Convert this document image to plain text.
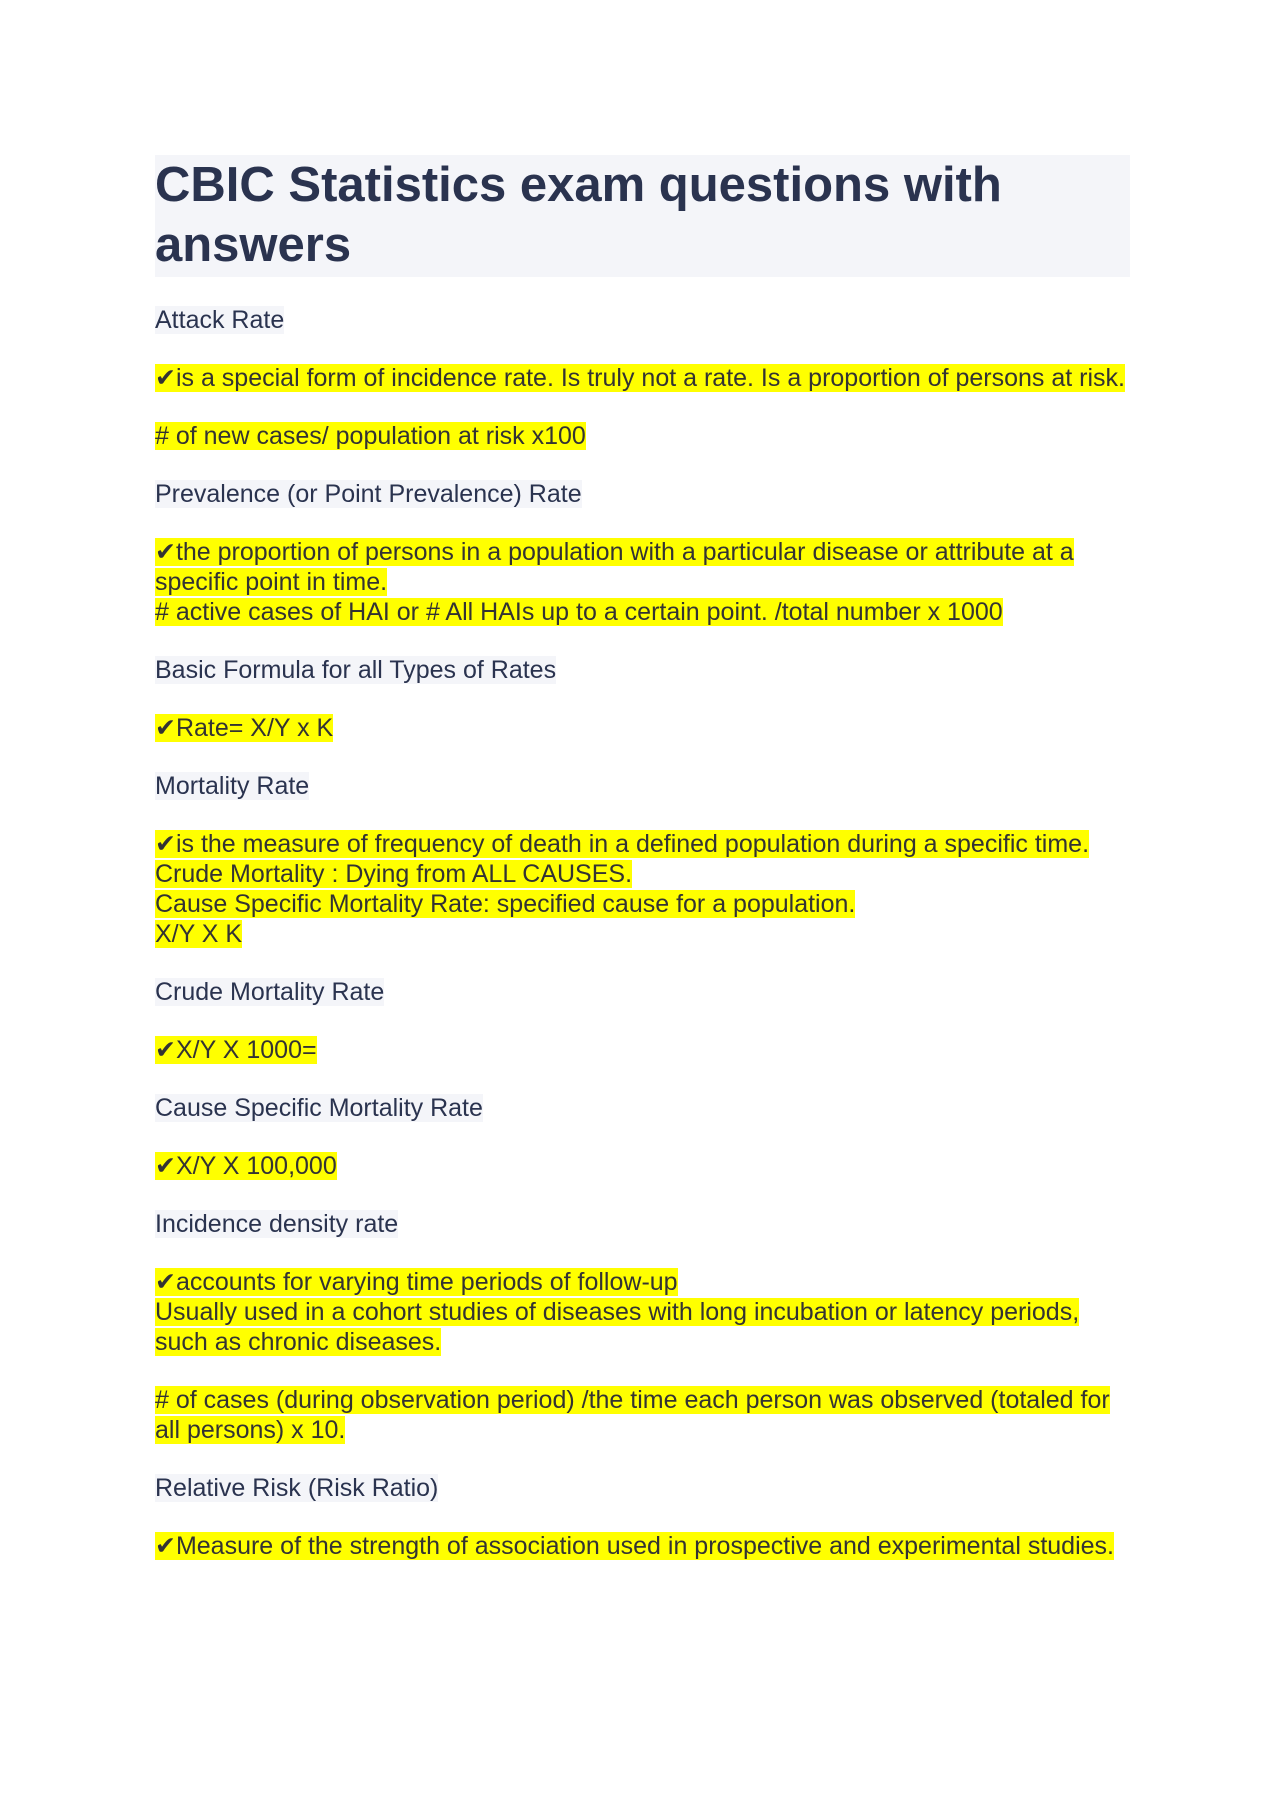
CBIC Statistics exam questions with answers
Attack Rate
✔is a special form of incidence rate. Is truly not a rate. Is a proportion of persons at risk.
# of new cases/ population at risk x100
Prevalence (or Point Prevalence) Rate
✔the proportion of persons in a population with a particular disease or attribute at a specific point in time.
# active cases of HAI or # All HAIs up to a certain point. /total number x 1000
Basic Formula for all Types of Rates
✔Rate= X/Y x K
Mortality Rate
✔is the measure of frequency of death in a defined population during a specific time.
Crude Mortality : Dying from ALL CAUSES.
Cause Specific Mortality Rate: specified cause for a population.
X/Y X K
Crude Mortality Rate
✔X/Y X 1000=
Cause Specific Mortality Rate
✔X/Y X 100,000
Incidence density rate
✔accounts for varying time periods of follow-up
Usually used in a cohort studies of diseases with long incubation or latency periods, such as chronic diseases.
# of cases (during observation period) /the time each person was observed (totaled for all persons) x 10.
Relative Risk (Risk Ratio)
✔Measure of the strength of association used in prospective and experimental studies.
